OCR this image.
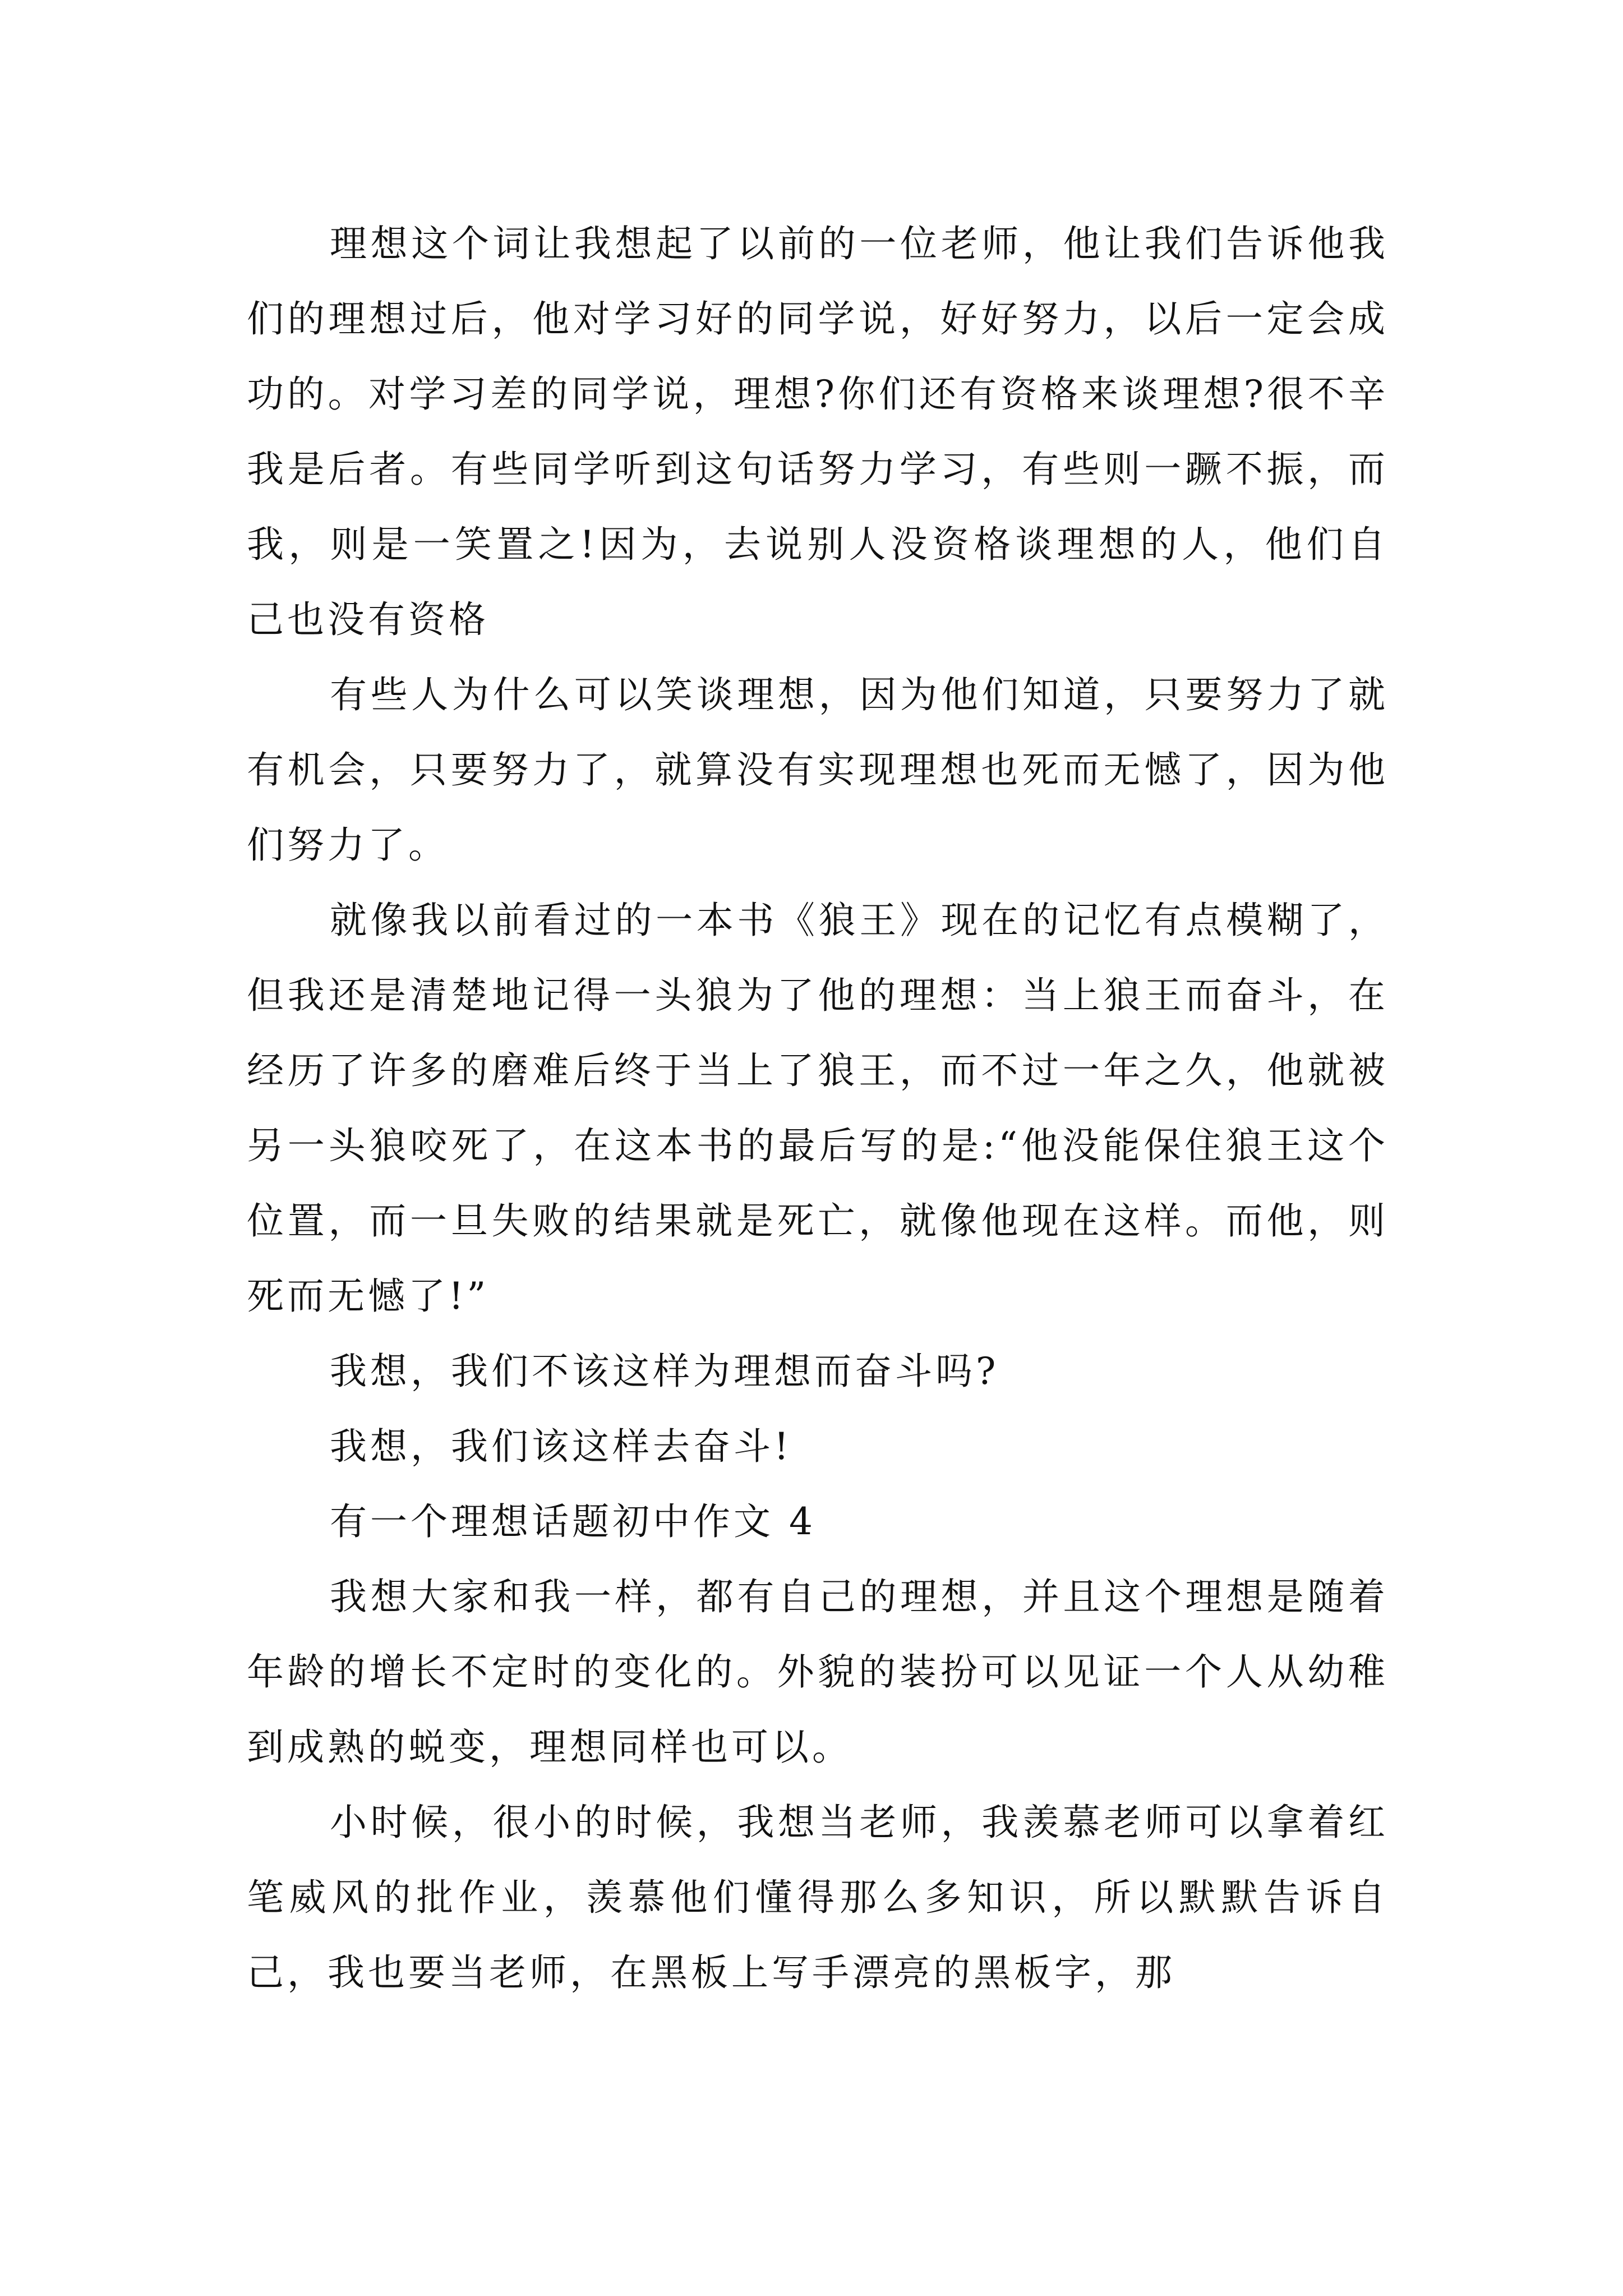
理想这个词让我想起了以前的一位老师，他让我们告诉他我们的理想过后，他对学习好的同学说，好好努力，以后一定会成功的。对学习差的同学说，理想?你们还有资格来谈理想?很不辛我是后者。有些同学听到这句话努力学习，有些则一蹶不振，而我，则是一笑置之!因为，去说别人没资格谈理想的人，他们自己也没有资格

有些人为什么可以笑谈理想，因为他们知道，只要努力了就有机会，只要努力了，就算没有实现理想也死而无憾了，因为他们努力了。

就像我以前看过的一本书《狼王》现在的记忆有点模糊了，但我还是清楚地记得一头狼为了他的理想：当上狼王而奋斗，在经历了许多的磨难后终于当上了狼王，而不过一年之久，他就被另一头狼咬死了，在这本书的最后写的是:“他没能保住狼王这个位置，而一旦失败的结果就是死亡，就像他现在这样。而他，则死而无憾了!”

我想，我们不该这样为理想而奋斗吗?

我想，我们该这样去奋斗!

有一个理想话题初中作文 4

我想大家和我一样，都有自己的理想，并且这个理想是随着年龄的增长不定时的变化的。外貌的装扮可以见证一个人从幼稚到成熟的蜕变，理想同样也可以。

小时候，很小的时候，我想当老师，我羡慕老师可以拿着红笔威风的批作业，羡慕他们懂得那么多知识，所以默默告诉自己，我也要当老师，在黑板上写手漂亮的黑板字，那
